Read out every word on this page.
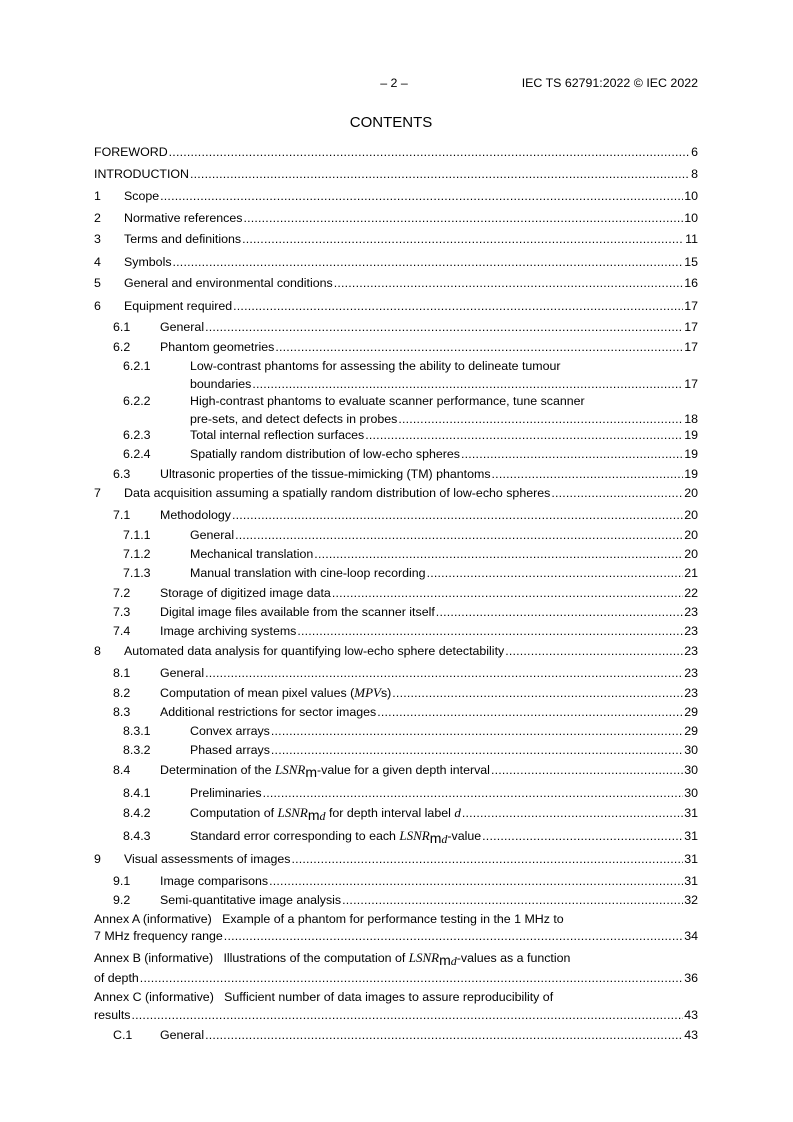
– 2 –	IEC TS 62791:2022 © IEC 2022
CONTENTS
FOREWORD .....	6
INTRODUCTION .....	8
1	Scope .....	10
2	Normative references .....	10
3	Terms and definitions .....	11
4	Symbols .....	15
5	General and environmental conditions .....	16
6	Equipment required .....	17
6.1	General .....	17
6.2	Phantom geometries .....	17
6.2.1	Low-contrast phantoms for assessing the ability to delineate tumour
boundaries .....	17
6.2.2	High-contrast phantoms to evaluate scanner performance, tune scanner
pre-sets, and detect defects in probes .....	18
6.2.3	Total internal reflection surfaces .....	19
6.2.4	Spatially random distribution of low-echo spheres .....	19
6.3	Ultrasonic properties of the tissue-mimicking (TM) phantoms .....	19
7	Data acquisition assuming a spatially random distribution of low-echo spheres .....	20
7.1	Methodology .....	20
7.1.1	General .....	20
7.1.2	Mechanical translation .....	20
7.1.3	Manual translation with cine-loop recording .....	21
7.2	Storage of digitized image data .....	22
7.3	Digital image files available from the scanner itself .....	23
7.4	Image archiving systems .....	23
8	Automated data analysis for quantifying low-echo sphere detectability .....	23
8.1	General .....	23
8.2	Computation of mean pixel values ( MPV s) .....	23
8.3	Additional restrictions for sector images .....	29
8.3.1	Convex arrays .....	29
8.3.2	Phased arrays .....	30
8.4	Determination of the LSNR m -value for a given depth interval .....	30
8.4.1	Preliminaries .....	30
8.4.2	Computation of LSNR m d for depth interval label d .....	31
8.4.3	Standard error corresponding to each LSNR m d -value .....	31
9	Visual assessments of images .....	31
9.1	Image comparisons .....	31
9.2	Semi-quantitative image analysis .....	32
Annex A (informative)   Example of a phantom for performance testing in the 1 MHz to
7 MHz frequency range .....	34
Annex B (informative)   Illustrations of the computation of LSNR m d -values as a function
of depth .....	36
Annex C (informative)   Sufficient number of data images to assure reproducibility of
results .....	43
C.1	General .....	43
